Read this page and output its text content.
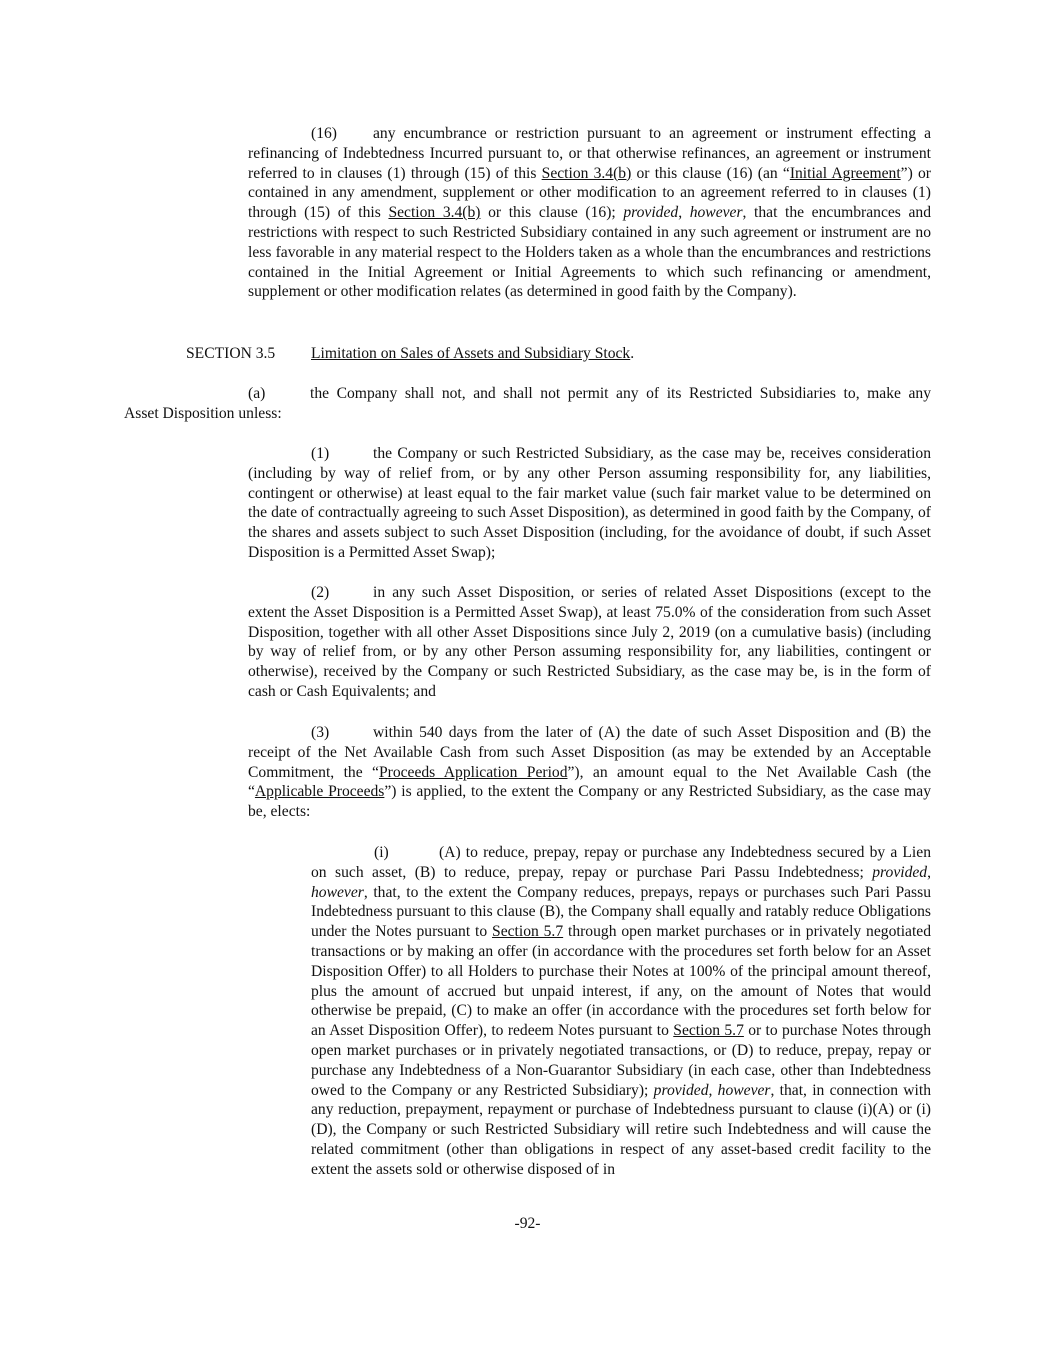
(16) any encumbrance or restriction pursuant to an agreement or instrument effecting a refinancing of Indebtedness Incurred pursuant to, or that otherwise refinances, an agreement or instrument referred to in clauses (1) through (15) of this Section 3.4(b) or this clause (16) (an “Initial Agreement”) or contained in any amendment, supplement or other modification to an agreement referred to in clauses (1) through (15) of this Section 3.4(b) or this clause (16); provided, however, that the encumbrances and restrictions with respect to such Restricted Subsidiary contained in any such agreement or instrument are no less favorable in any material respect to the Holders taken as a whole than the encumbrances and restrictions contained in the Initial Agreement or Initial Agreements to which such refinancing or amendment, supplement or other modification relates (as determined in good faith by the Company).
SECTION 3.5 Limitation on Sales of Assets and Subsidiary Stock.
(a)	the Company shall not, and shall not permit any of its Restricted Subsidiaries to, make any
Asset Disposition unless:
(1)	the Company or such Restricted Subsidiary, as the case may be, receives consideration (including by way of relief from, or by any other Person assuming responsibility for, any liabilities, contingent or otherwise) at least equal to the fair market value (such fair market value to be determined on the date of contractually agreeing to such Asset Disposition), as determined in good faith by the Company, of the shares and assets subject to such Asset Disposition (including, for the avoidance of doubt, if such Asset Disposition is a Permitted Asset Swap);
(2)	in any such Asset Disposition, or series of related Asset Dispositions (except to the extent the Asset Disposition is a Permitted Asset Swap), at least 75.0% of the consideration from such Asset Disposition, together with all other Asset Dispositions since July 2, 2019 (on a cumulative basis) (including by way of relief from, or by any other Person assuming responsibility for, any liabilities, contingent or otherwise), received by the Company or such Restricted Subsidiary, as the case may be, is in the form of cash or Cash Equivalents; and
(3)	within 540 days from the later of (A) the date of such Asset Disposition and (B) the receipt of the Net Available Cash from such Asset Disposition (as may be extended by an Acceptable Commitment, the “Proceeds Application Period”), an amount equal to the Net Available Cash (the “Applicable Proceeds”) is applied, to the extent the Company or any Restricted Subsidiary, as the case may be, elects:
(i)	(A) to reduce, prepay, repay or purchase any Indebtedness secured by a Lien on such asset, (B) to reduce, prepay, repay or purchase Pari Passu Indebtedness; provided, however, that, to the extent the Company reduces, prepays, repays or purchases such Pari Passu Indebtedness pursuant to this clause (B), the Company shall equally and ratably reduce Obligations under the Notes pursuant to Section 5.7 through open market purchases or in privately negotiated transactions or by making an offer (in accordance with the procedures set forth below for an Asset Disposition Offer) to all Holders to purchase their Notes at 100% of the principal amount thereof, plus the amount of accrued but unpaid interest, if any, on the amount of Notes that would otherwise be prepaid, (C) to make an offer (in accordance with the procedures set forth below for an Asset Disposition Offer), to redeem Notes pursuant to Section 5.7 or to purchase Notes through open market purchases or in privately negotiated transactions, or (D) to reduce, prepay, repay or purchase any Indebtedness of a Non-Guarantor Subsidiary (in each case, other than Indebtedness owed to the Company or any Restricted Subsidiary); provided, however, that, in connection with any reduction, prepayment, repayment or purchase of Indebtedness pursuant to clause (i)(A) or (i)(D), the Company or such Restricted Subsidiary will retire such Indebtedness and will cause the related commitment (other than obligations in respect of any asset-based credit facility to the extent the assets sold or otherwise disposed of in
-92-
